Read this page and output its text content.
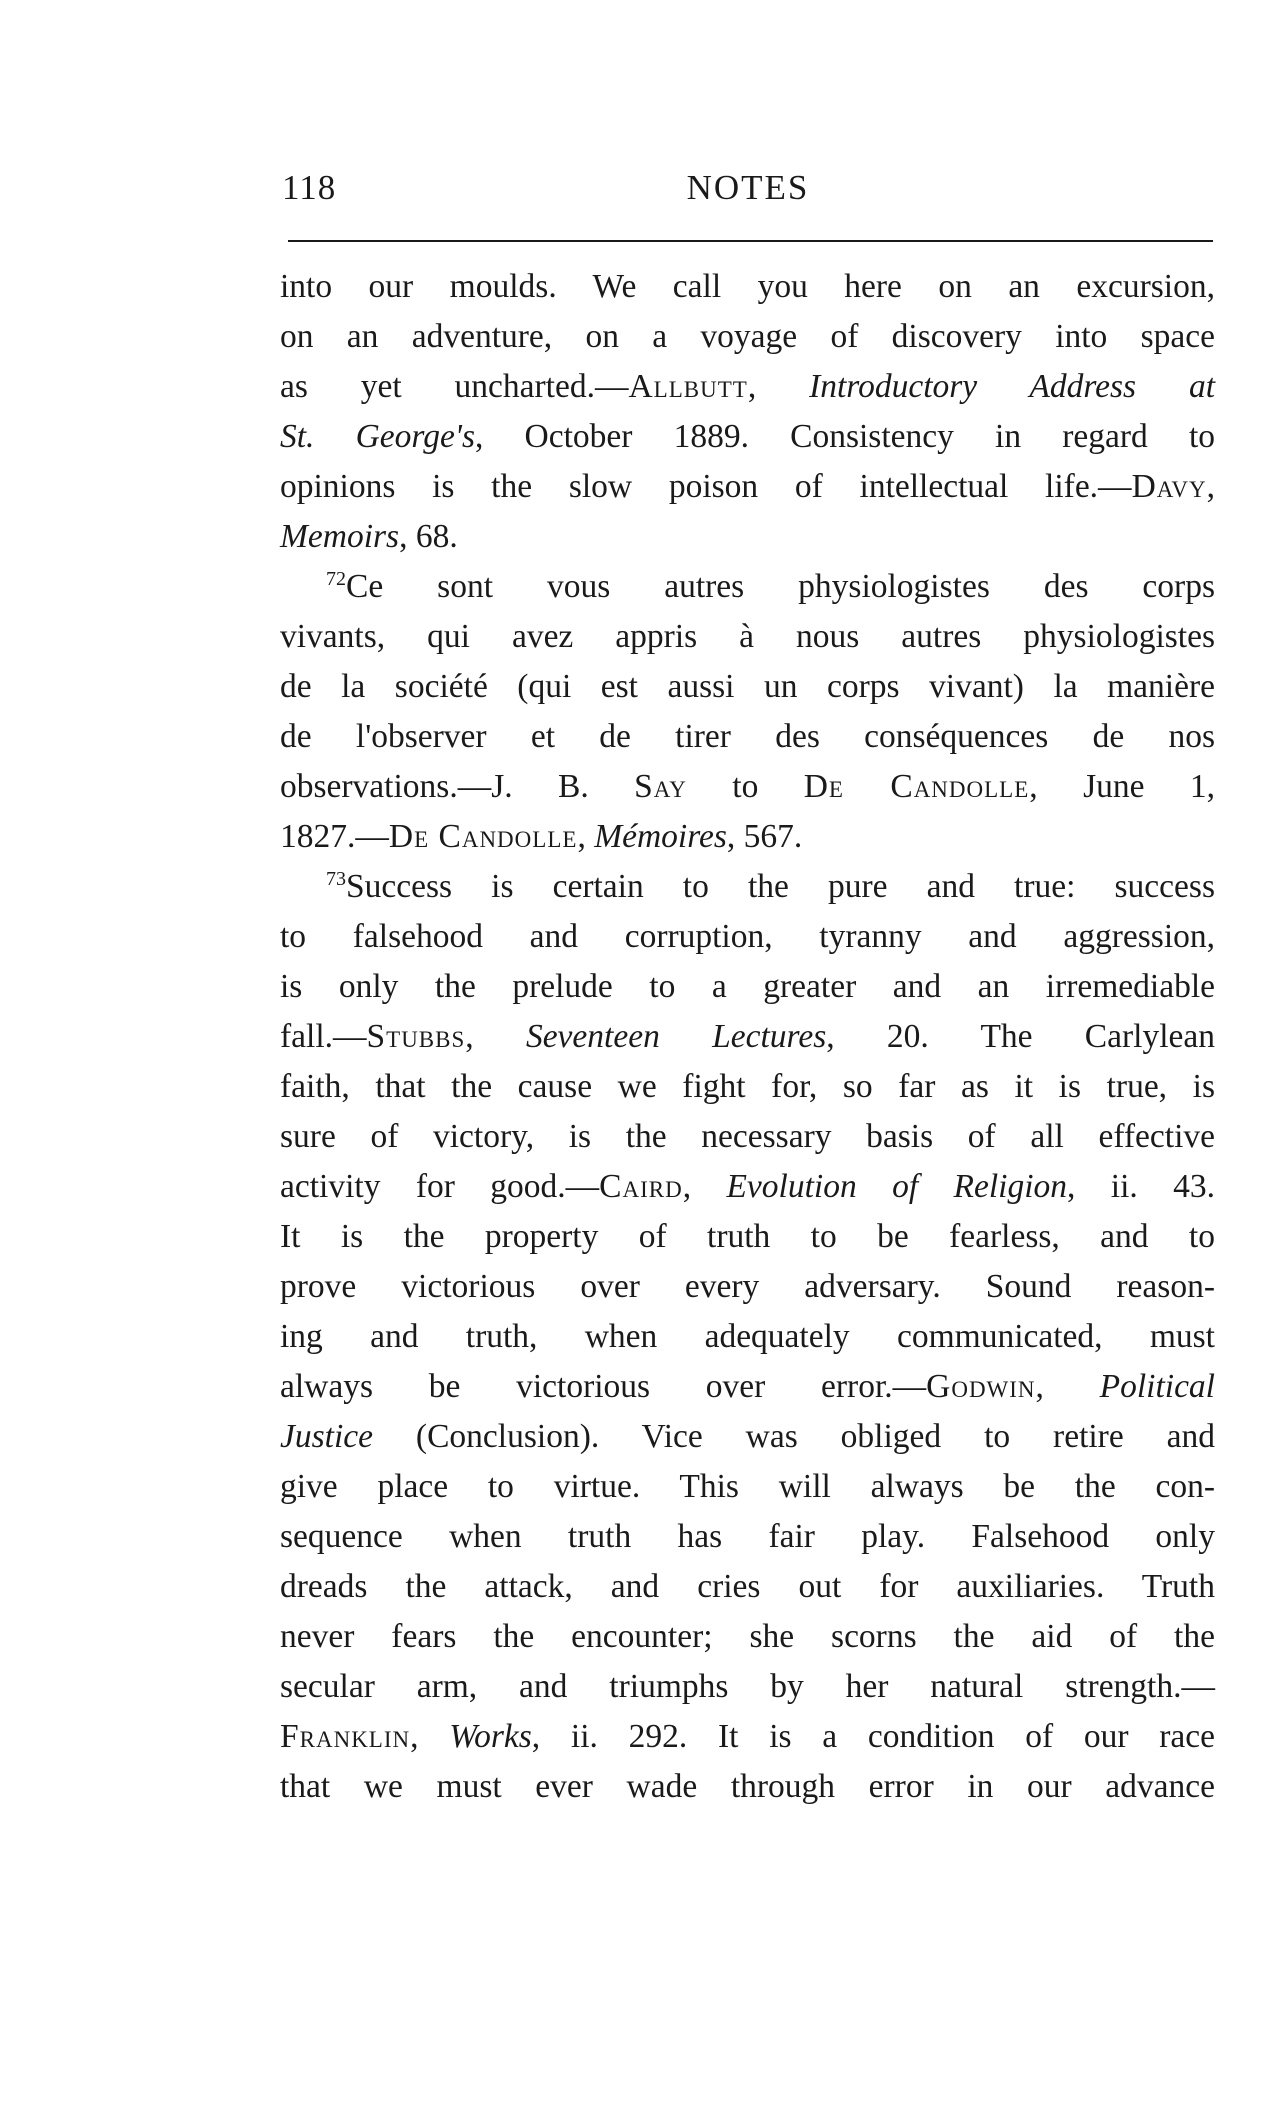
118	NOTES
into our moulds. We call you here on an excursion,
on an adventure, on a voyage of discovery into space
as yet uncharted.—Allbutt, Introductory Address at
St. George's, October 1889. Consistency in regard to
opinions is the slow poison of intellectual life.—Davy,
Memoirs, 68.
$^{72}$Ce sont vous autres physiologistes des corps
vivants, qui avez appris à nous autres physiologistes
de la société (qui est aussi un corps vivant) la manière
de l'observer et de tirer des conséquences de nos
observations.—J. B. Say to De Candolle, June 1,
1827.—De Candolle, Mémoires, 567.
$^{73}$Success is certain to the pure and true: success
to falsehood and corruption, tyranny and aggression,
is only the prelude to a greater and an irremediable
fall.—Stubbs, Seventeen Lectures, 20. The Carlylean
faith, that the cause we fight for, so far as it is true, is
sure of victory, is the necessary basis of all effective
activity for good.—Caird, Evolution of Religion, ii. 43.
It is the property of truth to be fearless, and to
prove victorious over every adversary. Sound reason-
ing and truth, when adequately communicated, must
always be victorious over error.—Godwin, Political
Justice (Conclusion). Vice was obliged to retire and
give place to virtue. This will always be the con-
sequence when truth has fair play. Falsehood only
dreads the attack, and cries out for auxiliaries. Truth
never fears the encounter; she scorns the aid of the
secular arm, and triumphs by her natural strength.—
Franklin, Works, ii. 292. It is a condition of our race
that we must ever wade through error in our advance
